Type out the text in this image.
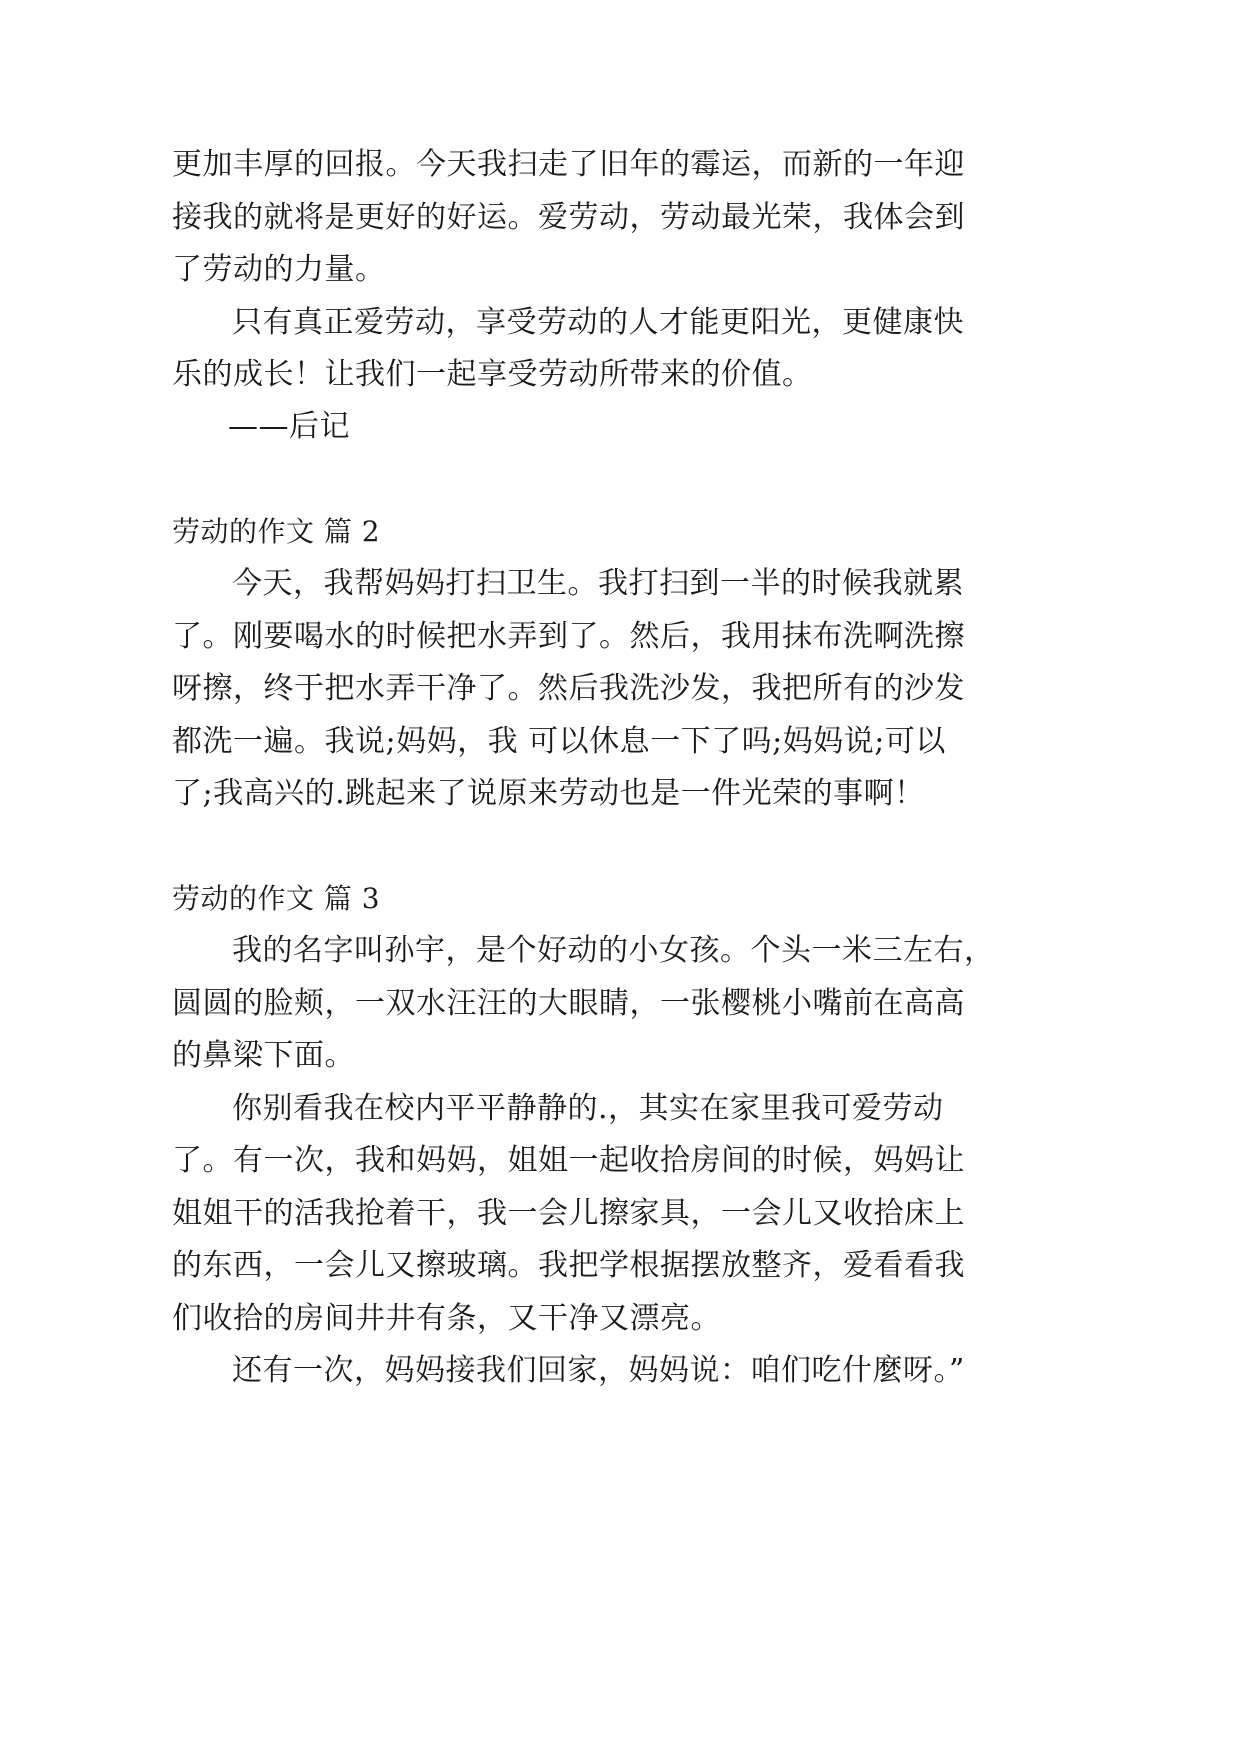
更加丰厚的回报。今天我扫走了旧年的霉运，而新的一年迎
接我的就将是更好的好运。爱劳动，劳动最光荣，我体会到
了劳动的力量。
只有真正爱劳动，享受劳动的人才能更阳光，更健康快
乐的成长！让我们一起享受劳动所带来的价值。
——后记
劳动的作文 篇 2
今天，我帮妈妈打扫卫生。我打扫到一半的时候我就累
了。刚要喝水的时候把水弄到了。然后，我用抹布洗啊洗擦
呀擦，终于把水弄干净了。然后我洗沙发，我把所有的沙发
都洗一遍。我说;妈妈，我 可以休息一下了吗;妈妈说;可以
了;我高兴的.跳起来了说原来劳动也是一件光荣的事啊！
劳动的作文 篇 3
我的名字叫孙宇，是个好动的小女孩。个头一米三左右，
圆圆的脸颊，一双水汪汪的大眼睛，一张樱桃小嘴前在高高
的鼻梁下面。
你别看我在校内平平静静的.，其实在家里我可爱劳动
了。有一次，我和妈妈，姐姐一起收拾房间的时候，妈妈让
姐姐干的活我抢着干，我一会儿擦家具，一会儿又收拾床上
的东西，一会儿又擦玻璃。我把学根据摆放整齐，爱看看我
们收拾的房间井井有条，又干净又漂亮。
还有一次，妈妈接我们回家，妈妈说：咱们吃什麼呀。”
